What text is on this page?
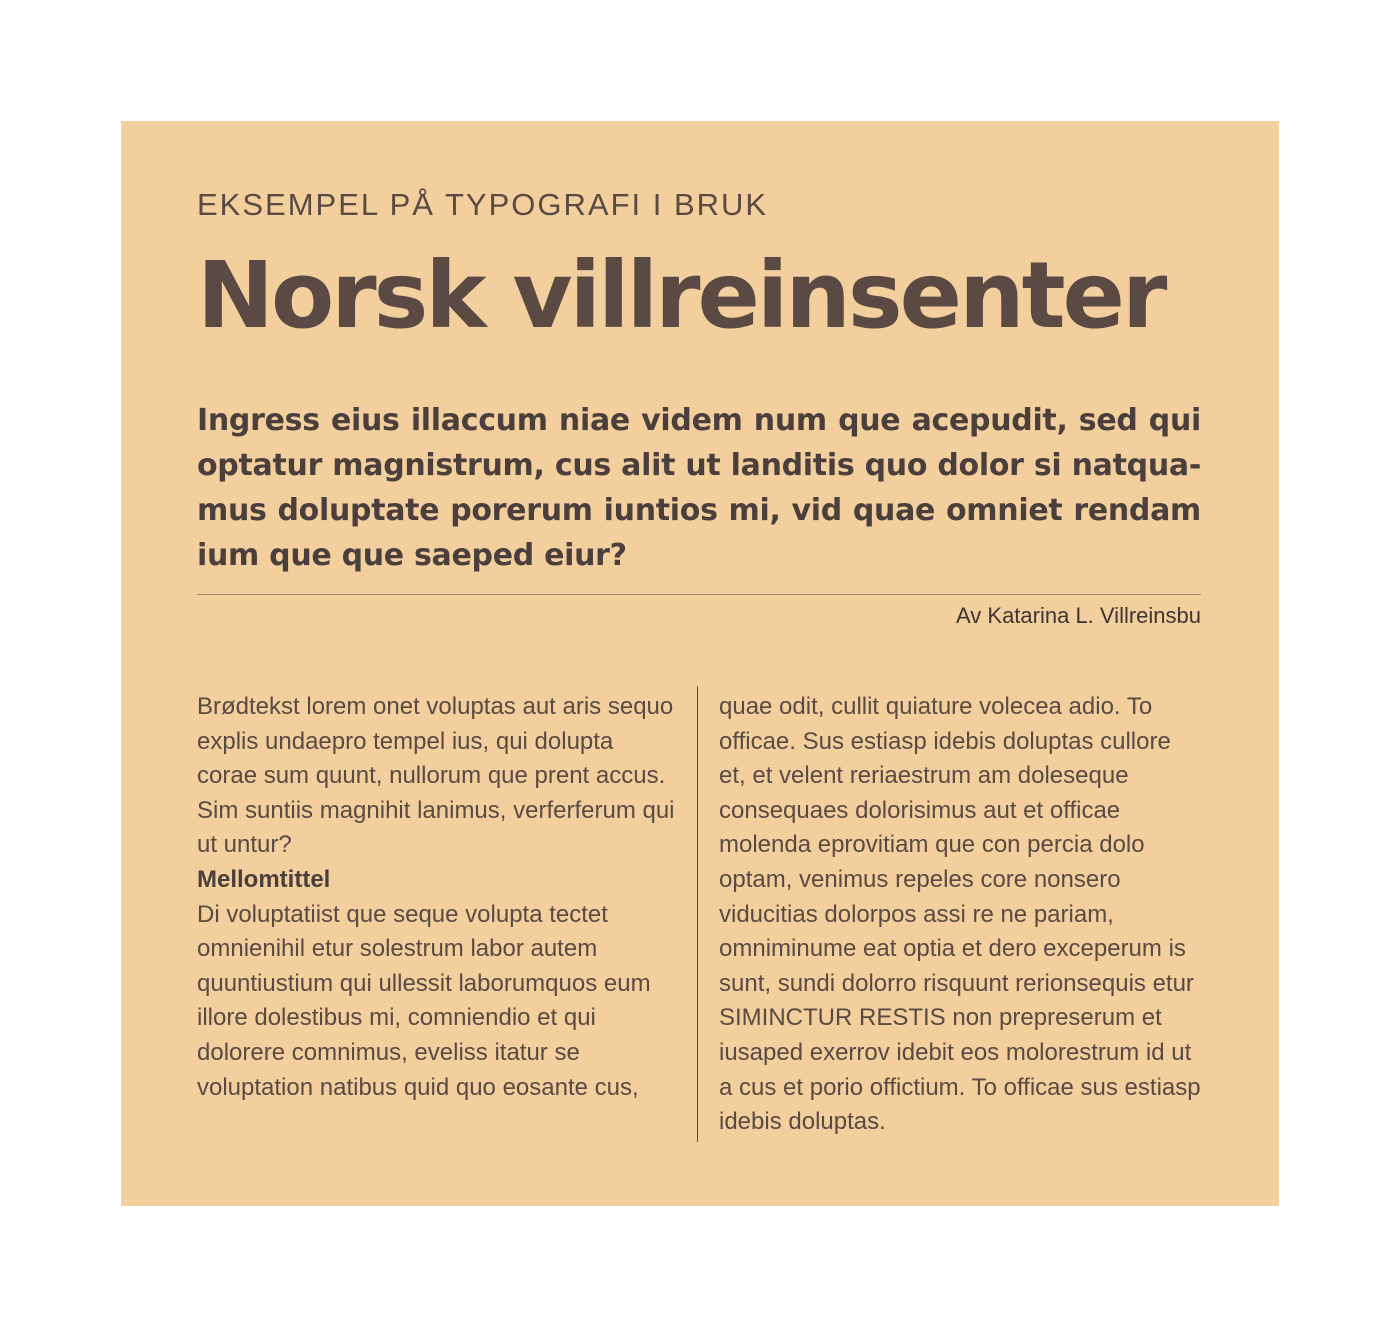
EKSEMPEL PÅ TYPOGRAFI I BRUK
Norsk villreinsenter

Ingress eius illaccum niae videm num que acepudit, sed qui optatur magnistrum, cus alit ut landitis quo dolor si natqua-mus doluptate porerum iuntios mi, vid quae omniet rendam ium que que saeped eiur?

Av Katarina L. Villreinsbu

Brødtekst lorem onet voluptas aut aris sequo explis undaepro tempel ius, qui dolupta corae sum quunt, nullorum que prent accus. Sim suntiis magnihit lanimus, verferferum qui ut untur?

Mellomtittel

Di voluptatiist que seque volupta tectet omnienihil etur solestrum labor autem quuntiustium qui ullessit laborumquos eum illore dolestibus mi, comniendio et qui dolorere comnimus, eveliss itatur se voluptation natibus quid quo eosante cus,

quae odit, cullit quiature volecea adio. To officae. Sus estiasp idebis doluptas cullore et, et velent reriaestrum am doleseque consequaes dolorisimus aut et officae molenda eprovitiam que con percia dolo optam, venimus repeles core nonsero viducitias dolorpos assi re ne pariam, omniminume eat optia et dero exceperum is sunt, sundi dolorro risquunt rerionsequis etur SIMINCTUR RESTIS non prepreserum et iusaped exerrov idebit eos molorestrum id ut a cus et porio offictium. To officae sus estiasp idebis doluptas.
